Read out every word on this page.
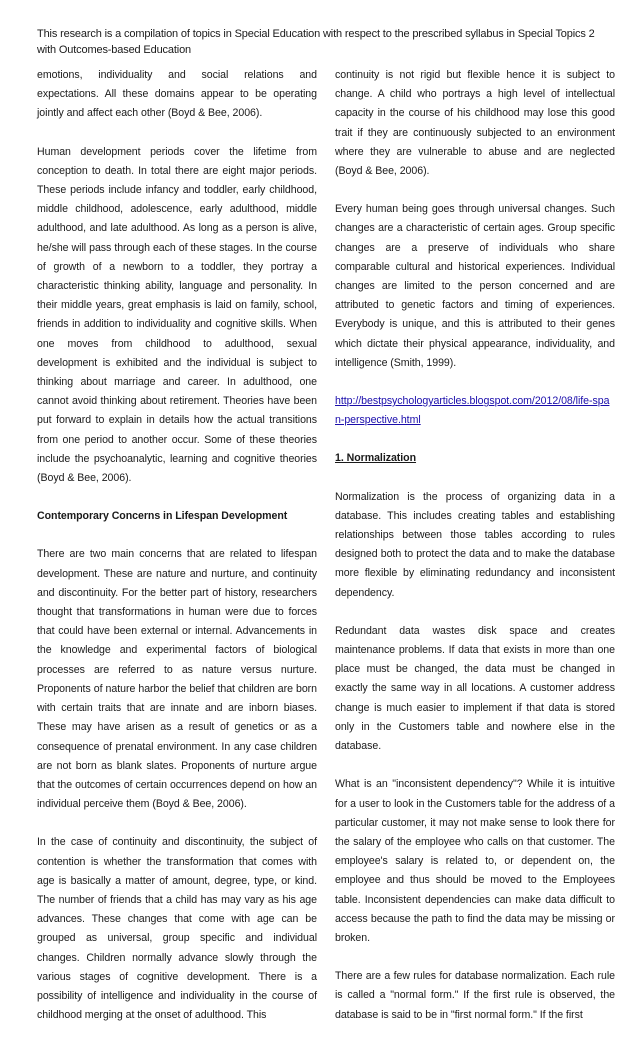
This research is a compilation of topics in Special Education with respect to the prescribed syllabus in Special Topics 2 with Outcomes-based Education

emotions, individuality and social relations and expectations. All these domains appear to be operating jointly and affect each other (Boyd & Bee, 2006).

Human development periods cover the lifetime from conception to death. In total there are eight major periods. These periods include infancy and toddler, early childhood, middle childhood, adolescence, early adulthood, middle adulthood, and late adulthood. As long as a person is alive, he/she will pass through each of these stages. In the course of growth of a newborn to a toddler, they portray a characteristic thinking ability, language and personality. In their middle years, great emphasis is laid on family, school, friends in addition to individuality and cognitive skills. When one moves from childhood to adulthood, sexual development is exhibited and the individual is subject to thinking about marriage and career. In adulthood, one cannot avoid thinking about retirement. Theories have been put forward to explain in details how the actual transitions from one period to another occur. Some of these theories include the psychoanalytic, learning and cognitive theories (Boyd & Bee, 2006).

Contemporary Concerns in Lifespan Development

There are two main concerns that are related to lifespan development. These are nature and nurture, and continuity and discontinuity. For the better part of history, researchers thought that transformations in human were due to forces that could have been external or internal. Advancements in the knowledge and experimental factors of biological processes are referred to as nature versus nurture. Proponents of nature harbor the belief that children are born with certain traits that are innate and are inborn biases. These may have arisen as a result of genetics or as a consequence of prenatal environment. In any case children are not born as blank slates. Proponents of nurture argue that the outcomes of certain occurrences depend on how an individual perceive them (Boyd & Bee, 2006).

In the case of continuity and discontinuity, the subject of contention is whether the transformation that comes with age is basically a matter of amount, degree, type, or kind. The number of friends that a child has may vary as his age advances. These changes that come with age can be grouped as universal, group specific and individual changes. Children normally advance slowly through the various stages of cognitive development. There is a possibility of intelligence and individuality in the course of childhood merging at the onset of adulthood. This

continuity is not rigid but flexible hence it is subject to change. A child who portrays a high level of intellectual capacity in the course of his childhood may lose this good trait if they are continuously subjected to an environment where they are vulnerable to abuse and are neglected (Boyd & Bee, 2006).

Every human being goes through universal changes. Such changes are a characteristic of certain ages. Group specific changes are a preserve of individuals who share comparable cultural and historical experiences. Individual changes are limited to the person concerned and are attributed to genetic factors and timing of experiences. Everybody is unique, and this is attributed to their genes which dictate their physical appearance, individuality, and intelligence (Smith, 1999).

http://bestpsychologyarticles.blogspot.com/2012/08/life-span-perspective.html

1. Normalization

Normalization is the process of organizing data in a database. This includes creating tables and establishing relationships between those tables according to rules designed both to protect the data and to make the database more flexible by eliminating redundancy and inconsistent dependency.

Redundant data wastes disk space and creates maintenance problems. If data that exists in more than one place must be changed, the data must be changed in exactly the same way in all locations. A customer address change is much easier to implement if that data is stored only in the Customers table and nowhere else in the database.

What is an "inconsistent dependency"? While it is intuitive for a user to look in the Customers table for the address of a particular customer, it may not make sense to look there for the salary of the employee who calls on that customer. The employee's salary is related to, or dependent on, the employee and thus should be moved to the Employees table. Inconsistent dependencies can make data difficult to access because the path to find the data may be missing or broken.

There are a few rules for database normalization. Each rule is called a "normal form." If the first rule is observed, the database is said to be in "first normal form." If the first
